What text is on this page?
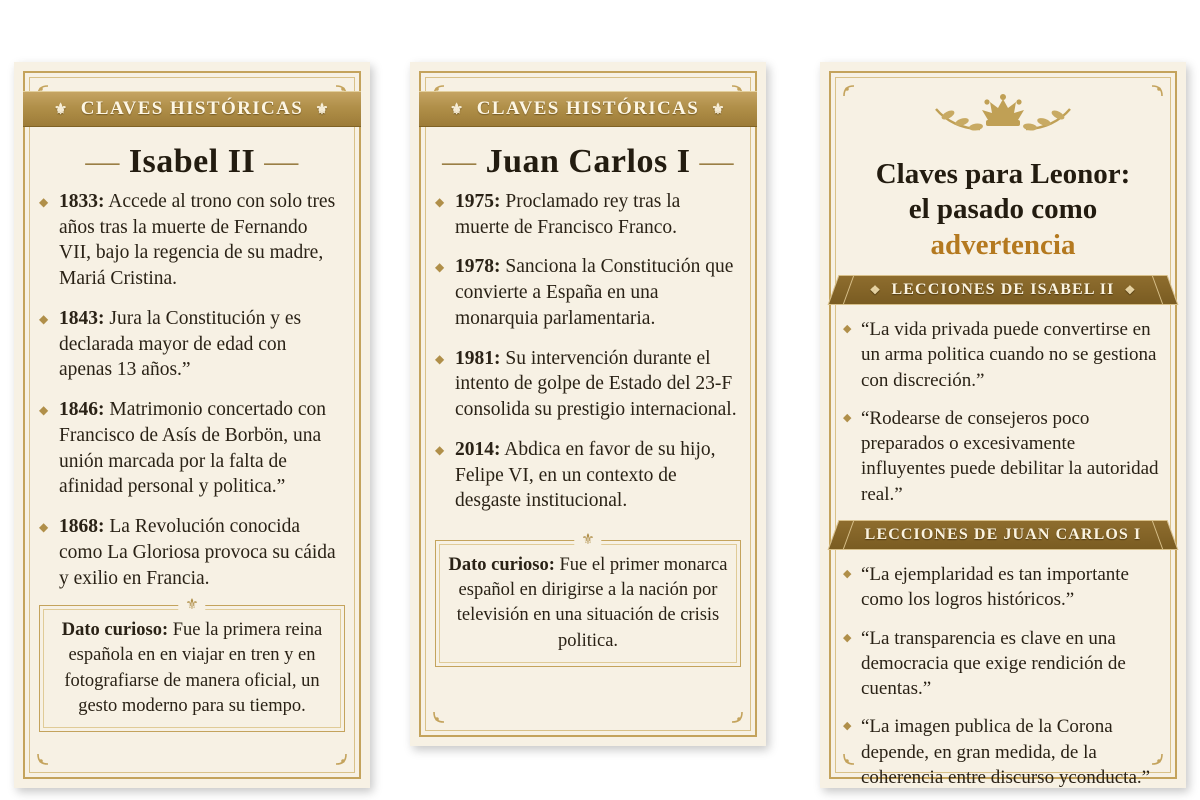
⚜ CLAVES HISTÓRICAS ⚜
— Isabel II —
◆ 1833: Accede al trono con solo tres años tras la muerte de Fernando VII, bajo la regencia de su madre, Mariá Cristina.
◆ 1843: Jura la Constitución y es declarada mayor de edad con apenas 13 años.”
◆ 1846: Matrimonio concertado con Francisco de Asís de Borbön, una unión marcada por la falta de afinidad personal y politica.”
◆ 1868: La Revolución conocida como La Gloriosa provoca su cáida y exilio en Francia.
⚜
Dato curioso: Fue la primera reina española en en viajar en tren y en fotografiarse de manera oficial, un gesto moderno para su tiempo.
⚜ CLAVES HISTÓRICAS ⚜
— Juan Carlos I —
◆ 1975: Proclamado rey tras la muerte de Francisco Franco.
◆ 1978: Sanciona la Constitución que convierte a España en una monarquia parlamentaria.
◆ 1981: Su intervención durante el intento de golpe de Estado del 23-F consolida su prestigio internacional.
◆ 2014: Abdica en favor de su hijo, Felipe VI, en un contexto de desgaste institucional.
⚜
Dato curioso: Fue el primer monarca español en dirigirse a la nación por televisión en una situación de crisis politica.
Claves para Leonor:
el pasado como advertencia
❖ LECCIONES DE ISABEL II ❖
◆ “La vida privada puede convertirse en un arma politica cuando no se gestiona con discreción.”
◆ “Rodearse de consejeros poco preparados o excesivamente influyentes puede debilitar la autoridad real.”
LECCIONES DE JUAN CARLOS I
◆ “La ejemplaridad es tan importante como los logros históricos.”
◆ “La transparencia es clave en una democracia que exige rendición de cuentas.”
◆ “La imagen publica de la Corona depende, en gran medida, de la coherencia entre discurso yconducta.”
